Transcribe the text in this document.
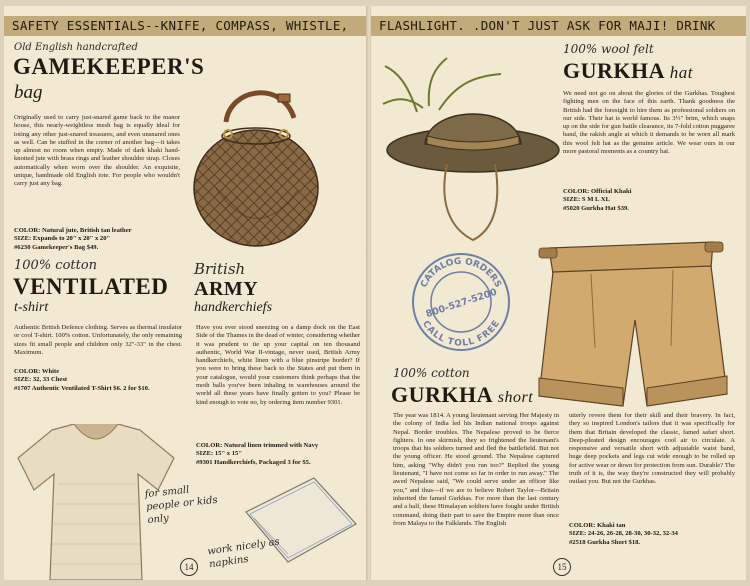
SAFETY ESSENTIALS--KNIFE, COMPASS, WHISTLE,
Old English handcrafted
GAMEKEEPER'S
bag
Originally used to carry just-snared game back to the manor house, this nearly-weightless mesh bag is equally ideal for toting any other just-snared treasures, and even unsnared ones as well. Can be stuffed in the corner of another bag—it takes up almost no room when empty. Made of dark khaki hand-knotted jute with brass rings and leather shoulder strap. Closes automatically when worn over the shoulder. An exquisite, unique, handmade old English tote. For people who wouldn't carry just any bag.
COLOR: Natural jute, British tan leather
SIZE: Expands to 20" x 20" x 20"
#6230 Gamekeeper's Bag $49.
100% cotton
VENTILATED
t-shirt
Authentic British Defence clothing. Serves as thermal insulator or cool T-shirt. 100% cotton. Unfortunately, the only remaining sizes fit small people and children only 32"-33" in the chest. Maximum.
COLOR: White
SIZE: 32, 33 Chest
#1707 Authentic Ventilated T-Shirt $6. 2 for $10.
for small people or kids only
British
ARMY
handkerchiefs
Have you ever stood sneezing on a damp dock on the East Side of the Thames in the dead of winter, considering whether it was prudent to tie up your capital on ten thousand authentic, World War II-vintage, never used, British Army handkerchiefs, white linen with a blue pinstripe border? If you were to bring these back to the States and put them in your catalogue, would your customers think perhaps that the moth balls you've been inhaling in warehouses around the world all these years have finally gotten to you? Please be kind enough to vote no, by ordering item number 9301.
COLOR: Natural linen trimmed with Navy
SIZE: 15" x 15"
#9301 Handkerchiefs, Packaged 3 for $5.
work nicely as napkins
14
FLASHLIGHT. .DON'T JUST ASK FOR MAJI! DRINK
100% wool felt
GURKHA hat
We need not go on about the glories of the Gurkhas. Toughest fighting men on the face of this earth. Thank goodness the British had the foresight to hire them as professional soldiers on our side. Their hat is world famous. Its 3½" brim, which snaps up on the side for gun battle clearance, its 7-fold cotton puggaree band, the rakish angle at which it demands to be worn all mark this wool felt hat as the genuine article. We wear ours in our more pastoral moments as a country hat.
COLOR: Official Khaki
SIZE: S M L XL
#5020 Gurkha Hat $39.
CATALOG ORDERS
CALL TOLL FREE
800-527-5200
100% cotton
GURKHA short
The year was 1814. A young lieutenant serving Her Majesty in the colony of India led his Indian national troops against Nepal. Border troubles. The Nepalese proved to be fierce fighters. In one skirmish, they so frightened the lieutenant's troops that his soldiers turned and fled the battlefield. But not the young officer. He stood ground. The Nepalese captured him, asking "Why didn't you run too?" Replied the young lieutenant, "I have not come so far in order to run away." The awed Nepalese said, "We could serve under an officer like you," and thus—if we are to believe Robert Taylor—Britain inherited the famed Gurkhas. For more than the last century and a half, these Himalayan soldiers have fought under British command, doing their part to save the Empire more than once from Malaya to the Falklands. The English
utterly revere them for their skill and their bravery. In fact, they so inspired London's tailors that it was specifically for them that Britain developed the classic, famed safari short. Deep-pleated design encourages cool air to circulate. A responsive and versatile short with adjustable waist band, huge deep pockets and legs cut wide enough to be rolled up for active wear or down for protection from sun. Durable? The truth of it is, the way they're constructed they will probably outlast you. But not the Gurkhas.
COLOR: Khaki tan
SIZE: 24-26, 26-28, 28-30, 30-32, 32-34
#2518 Gurkha Short $18.
15
